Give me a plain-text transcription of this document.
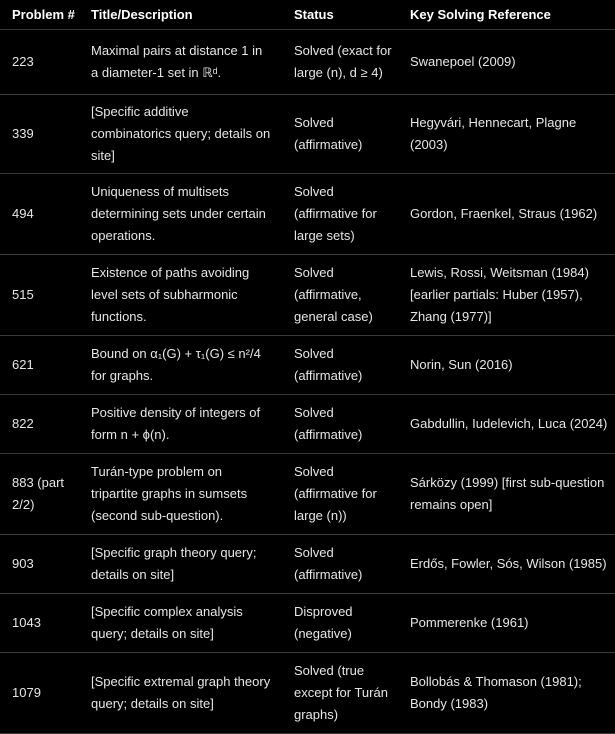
Problem #	Title/Description	Status	Key Solving Reference
223	Maximal pairs at distance 1 in a diameter-1 set in ℝᵈ.	Solved (exact for large (n), d ≥ 4)	Swanepoel (2009)
339	[Specific additive combinatorics query; details on site]	Solved (affirmative)	Hegyvári, Hennecart, Plagne (2003)
494	Uniqueness of multisets determining sets under certain operations.	Solved (affirmative for large sets)	Gordon, Fraenkel, Straus (1962)
515	Existence of paths avoiding level sets of subharmonic functions.	Solved (affirmative, general case)	Lewis, Rossi, Weitsman (1984) [earlier partials: Huber (1957), Zhang (1977)]
621	Bound on α₁(G) + τ₁(G) ≤ n²/4 for graphs.	Solved (affirmative)	Norin, Sun (2016)
822	Positive density of integers of form n + ϕ(n).	Solved (affirmative)	Gabdullin, Iudelevich, Luca (2024)
883 (part 2/2)	Turán-type problem on tripartite graphs in sumsets (second sub-question).	Solved (affirmative for large (n))	Sárközy (1999) [first sub-question remains open]
903	[Specific graph theory query; details on site]	Solved (affirmative)	Erdős, Fowler, Sós, Wilson (1985)
1043	[Specific complex analysis query; details on site]	Disproved (negative)	Pommerenke (1961)
1079	[Specific extremal graph theory query; details on site]	Solved (true except for Turán graphs)	Bollobás & Thomason (1981); Bondy (1983)
